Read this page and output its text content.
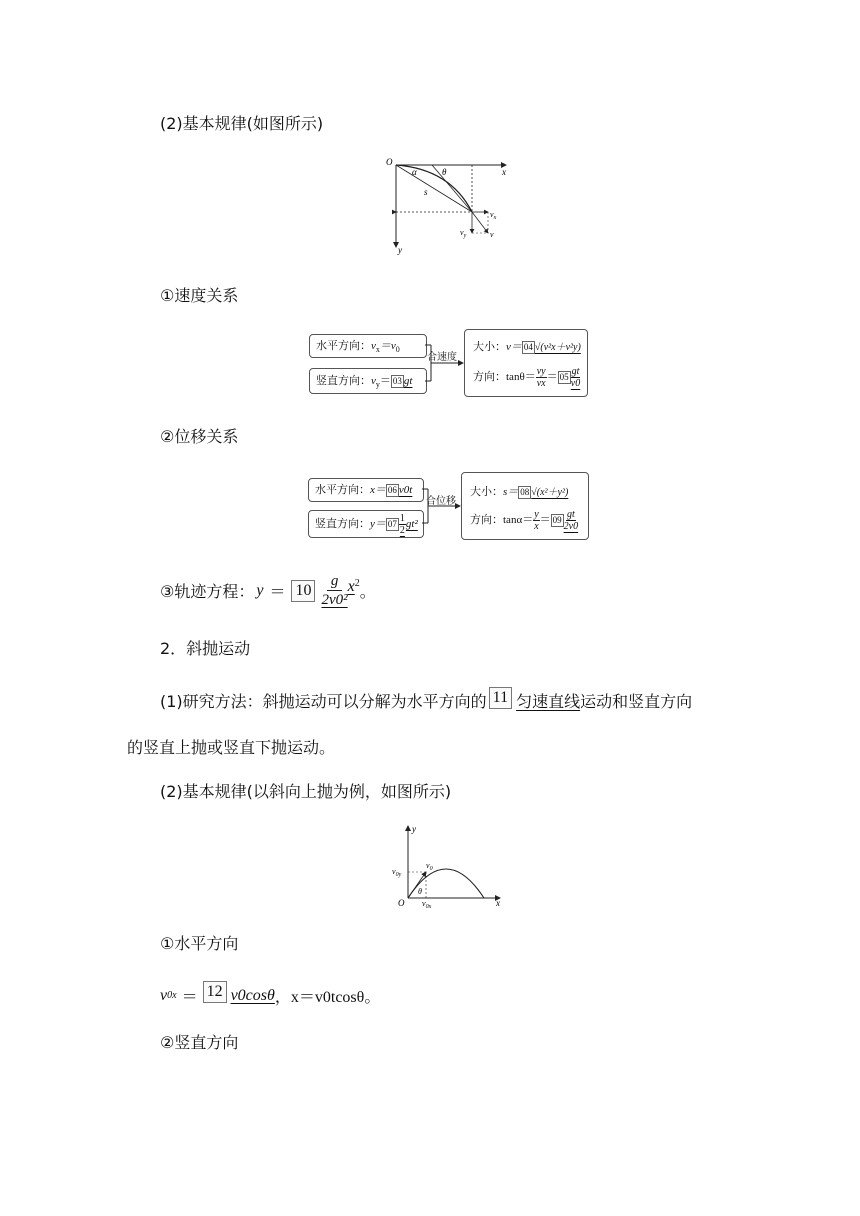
(2)基本规律(如图所示)
O
x
y
α	θ
s
$v_x$
$v_y$	v
①速度关系
水平方向：$v_x=v_0$
竖直方向：$v_y= 03$ gt
合速度
大小：v＝ 04 √(v²x＋v²y)
方向：$\tan\theta= \frac{vy}{vx} = 05 \frac{gt}{v0}$
②位移关系
水平方向：x＝ 06 v0t
竖直方向：$y= 07 \frac{1}{2} gt^2$
合位移
大小：s＝ 08 √(x²＋y²)
方向：$\tan\alpha= \frac{y}{x} = 09 \frac{gt}{2v0}$
③轨迹方程： $y = 10 \frac{g}{\text{2v0²}}$ x 2 。
2．斜抛运动
(1)研究方法：斜抛运动可以分解为水平方向的 11 匀速直线 运动和竖直方向
的竖直上抛或竖直下抛运动。
(2)基本规律(以斜向上抛为例，如图所示)
y
x
O
$v_0$
$v_{0y}$
$v_{0x}$
θ
①水平方向
v 0x ＝ 12 v0cosθ ，x＝v0tcosθ。
②竖直方向
